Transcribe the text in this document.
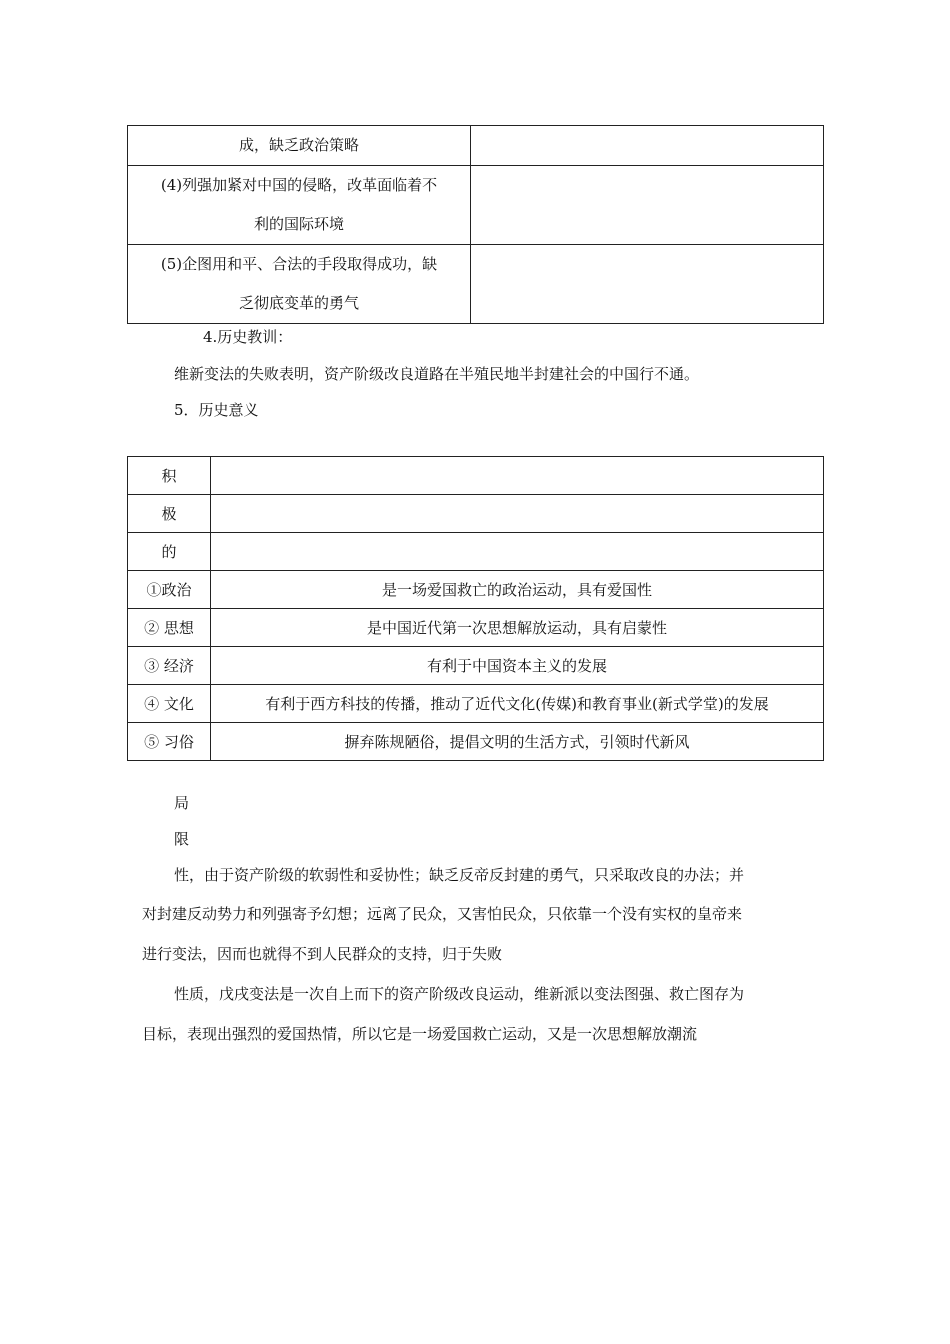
成，缺乏政治策略	

(4)列强加紧对中国的侵略，改革面临着不
利的国际环境	

(5)企图用和平、合法的手段取得成功，缺
乏彻底变革的勇气	

4.历史教训：
维新变法的失败表明，资产阶级改良道路在半殖民地半封建社会的中国行不通。
5．历史意义
积	
极	
的	
①政治	是一场爱国救亡的政治运动，具有爱国性
② 思想	是中国近代第一次思想解放运动，具有启蒙性
③ 经济	有利于中国资本主义的发展
④ 文化	有利于西方科技的传播，推动了近代文化(传媒)和教育事业(新式学堂)的发展
⑤ 习俗	摒弃陈规陋俗，提倡文明的生活方式，引领时代新风
局
限
性，由于资产阶级的软弱性和妥协性；缺乏反帝反封建的勇气，只采取改良的办法；并
对封建反动势力和列强寄予幻想；远离了民众，又害怕民众，只依靠一个没有实权的皇帝来
进行变法，因而也就得不到人民群众的支持，归于失败
性质，戊戌变法是一次自上而下的资产阶级改良运动，维新派以变法图强、救亡图存为
目标，表现出强烈的爱国热情，所以它是一场爱国救亡运动，又是一次思想解放潮流
